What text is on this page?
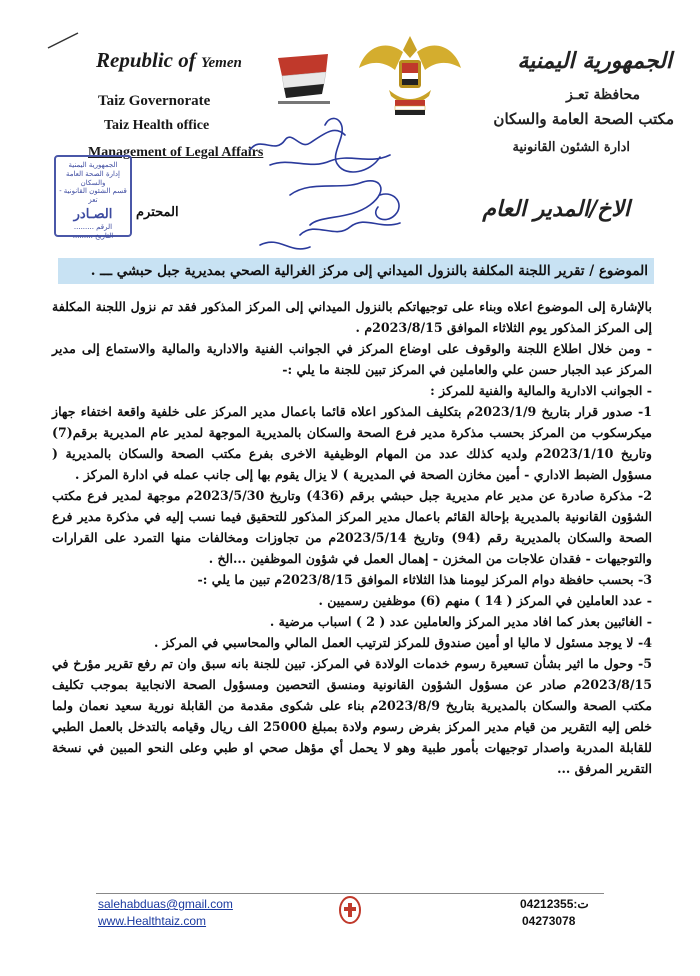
Republic of Yemen
Taiz Governorate
Taiz Health office
Management of Legal Affairs
الجمهورية اليمنية
محافظة تعـز
مكتب الصحة العامة والسكان
ادارة الشئون القانونية
الجمهورية اليمنية
إدارة الصحة العامة والسكان
قسم الشئون القانونية - تعز
الصـادر
الرقم .........
التاريخ .........
الاخ/المدير العام
المحترم
الموضوع / تقرير اللجنة المكلفة بالنزول الميداني إلى مركز الغرالية الصحي بمديرية جبل حبشي ـــ .

بالإشارة إلى الموضوع اعلاه وبناء على توجيهاتكم بالنزول الميداني إلى المركز المذكور فقد تم نزول اللجنة المكلفة إلى المركز المذكور يوم الثلاثاء الموافق 2023/8/15م .

- ومن خلال اطلاع اللجنة والوقوف على اوضاع المركز في الجوانب الفنية والادارية والمالية والاستماع إلى مدير المركز عبد الجبار حسن علي والعاملين في المركز تبين للجنة ما يلي :-

- الجوانب الادارية والمالية والفنية للمركز :

1- صدور قرار بتاريخ 2023/1/9م بتكليف المذكور اعلاه قائما باعمال مدير المركز على خلفية واقعة اختفاء جهاز ميكرسكوب من المركز بحسب مذكرة مدير فرع الصحة والسكان بالمديرية الموجهة لمدير عام المديرية برقم(7) وتاريخ 2023/1/10م ولديه كذلك عدد من المهام الوظيفية الاخرى بفرع مكتب الصحة والسكان بالمديرية ( مسؤول الضبط الاداري - أمين مخازن الصحة في المديرية ) لا يزال يقوم بها إلى جانب عمله في ادارة المركز .

2- مذكرة صادرة عن مدير عام مديرية جبل حبشي برقم (436) وتاريخ 2023/5/30م موجهة لمدير فرع مكتب الشؤون القانونية بالمديرية بإحالة القائم باعمال مدير المركز المذكور للتحقيق فيما نسب إليه في مذكرة مدير فرع الصحة والسكان بالمديرية رقم (94) وتاريخ 2023/5/14م من تجاوزات ومخالفات منها التمرد على القرارات والتوجيهات - فقدان علاجات من المخزن - إهمال العمل في شؤون الموظفين ...الخ .

3- بحسب حافظة دوام المركز ليومنا هذا الثلاثاء الموافق 2023/8/15م تبين ما يلي :-

- عدد العاملين في المركز ( 14 ) منهم (6) موظفين رسميين .

- الغائبين بعذر كما افاد مدير المركز والعاملين عدد ( 2 ) اسباب مرضية .

4- لا يوجد مسئول لا ماليا او أمين صندوق للمركز لترتيب العمل المالي والمحاسبي في المركز .

5- وحول ما اثير بشأن تسعيرة رسوم خدمات الولادة في المركز. تبين للجنة بانه سبق وان تم رفع تقرير مؤرخ في 2023/8/15م صادر عن مسؤول الشؤون القانونية ومنسق التحصين ومسؤول الصحة الانجابية بموجب تكليف مكتب الصحة والسكان بالمديرية بتاريخ 2023/8/9م بناء على شكوى مقدمة من القابلة نورية سعيد نعمان ولما خلص إليه التقرير من قيام مدير المركز بفرض رسوم ولادة بمبلغ 25000 الف ريال وقيامه بالتدخل بالعمل الطبي للقابلة المدربة واصدار توجيهات بأمور طبية وهو لا يحمل أي مؤهل صحي او طبي وعلى النحو المبين في نسخة التقرير المرفق ...

salehabduas@gmail.com
www.Healthtaiz.com
ت:04212355
04273078
